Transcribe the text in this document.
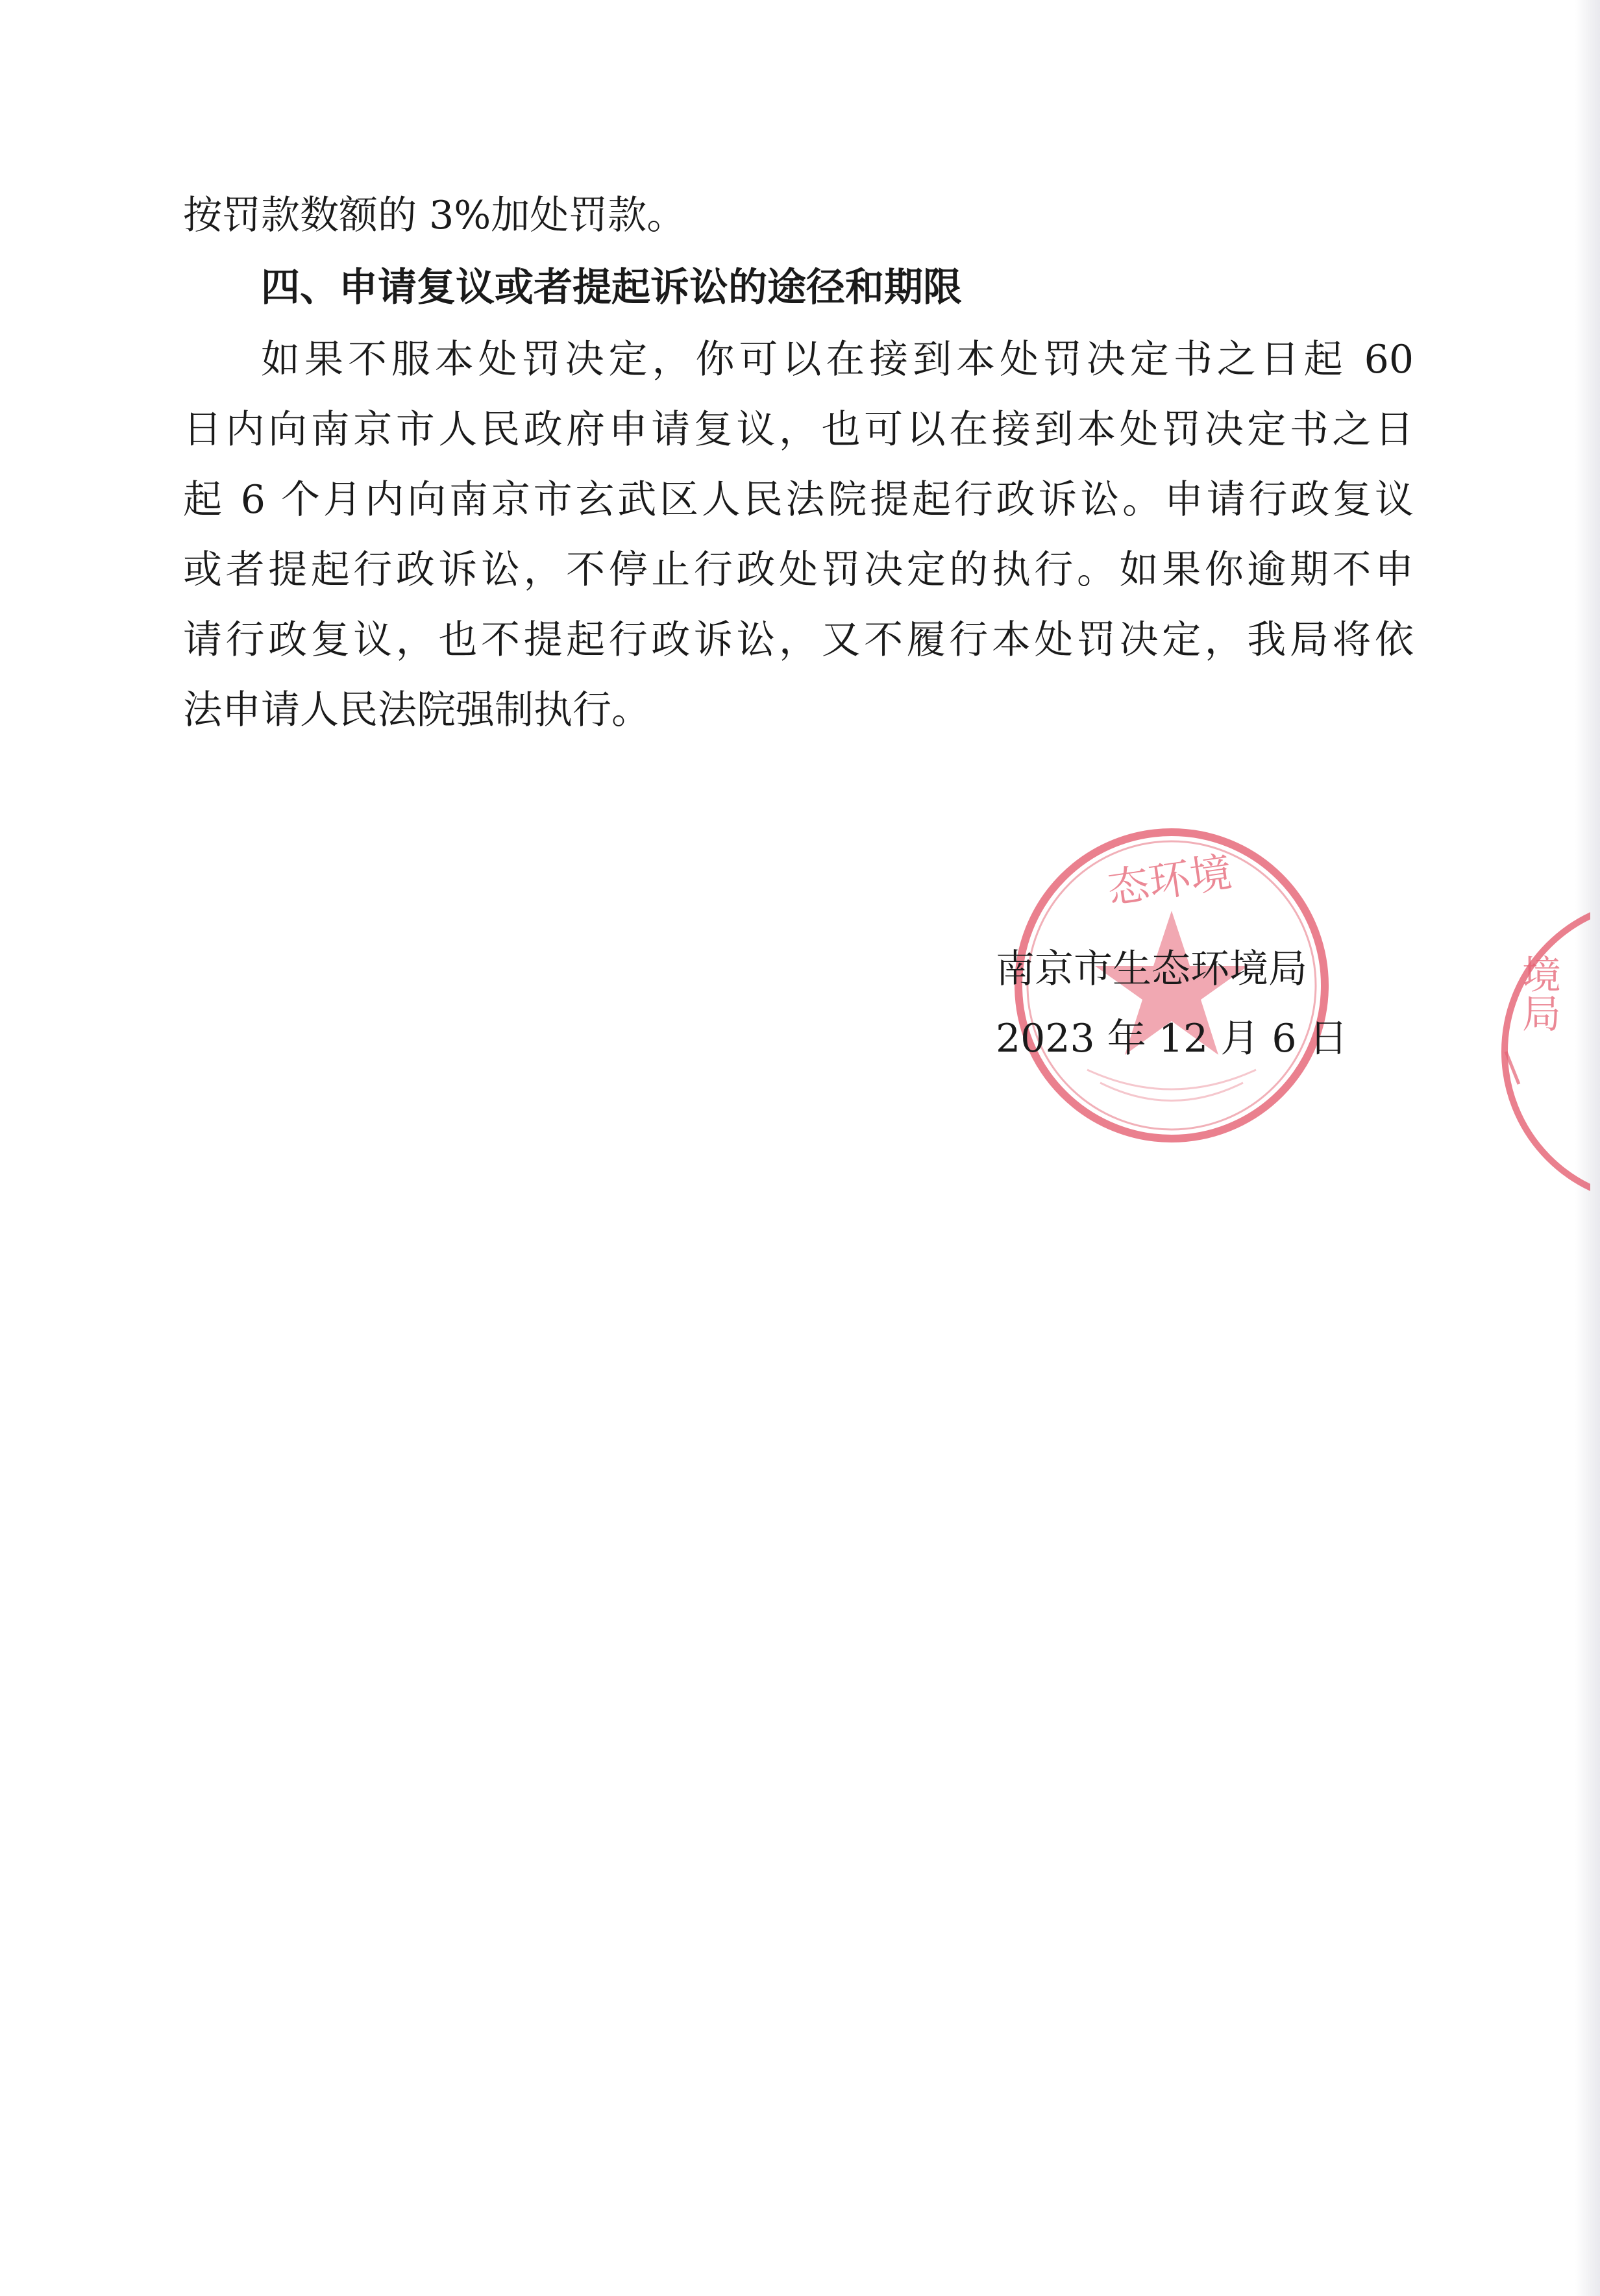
按罚款数额的 3%加处罚款。
四、申请复议或者提起诉讼的途径和期限
如果不服本处罚决定，你可以在接到本处罚决定书之日起 60
日内向南京市人民政府申请复议，也可以在接到本处罚决定书之日
起 6 个月内向南京市玄武区人民法院提起行政诉讼。申请行政复议
或者提起行政诉讼，不停止行政处罚决定的执行。如果你逾期不申
请行政复议，也不提起行政诉讼，又不履行本处罚决定，我局将依
法申请人民法院强制执行。
态环境
境局
南京市生态环境局
2023 年 12 月 6 日
